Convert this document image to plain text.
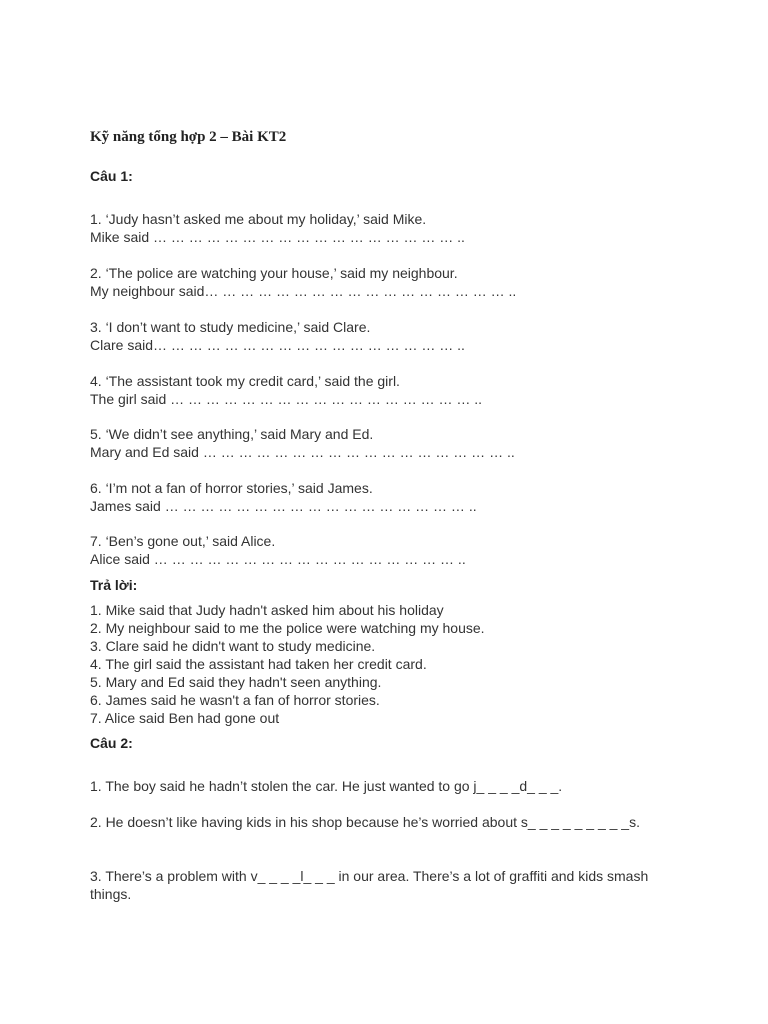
Kỹ năng tổng hợp 2 – Bài KT2
Câu 1:
1. ‘Judy hasn’t asked me about my holiday,’ said Mike.
Mike said … … … … … … … … … … … … … … … … … ..
2. ‘The police are watching your house,’ said my neighbour.
My neighbour said… … … … … … … … … … … … … … … … … ..
3. ‘I don’t want to study medicine,’ said Clare.
Clare said… … … … … … … … … … … … … … … … … ..
4. ‘The assistant took my credit card,’ said the girl.
The girl said … … … … … … … … … … … … … … … … … ..
5. ‘We didn’t see anything,’ said Mary and Ed.
Mary and Ed said … … … … … … … … … … … … … … … … … ..
6. ‘I’m not a fan of horror stories,’ said James.
James said … … … … … … … … … … … … … … … … … ..
7. ‘Ben’s gone out,’ said Alice.
Alice said … … … … … … … … … … … … … … … … … ..
Trả lời:
1. Mike said that Judy hadn't asked him about his holiday
2. My neighbour said to me the police were watching my house.
3. Clare said he didn't want to study medicine.
4. The girl said the assistant had taken her credit card.
5. Mary and Ed said they hadn't seen anything.
6. James said he wasn't a fan of horror stories.
7. Alice said Ben had gone out
Câu 2:
1. The boy said he hadn’t stolen the car. He just wanted to go j_ _ _ _d_ _ _.
2. He doesn’t like having kids in his shop because he’s worried about s_ _ _ _ _ _ _ _ _s.
3. There’s a problem with v_ _ _ _l_ _ _ in our area. There’s a lot of graffiti and kids smash things.
